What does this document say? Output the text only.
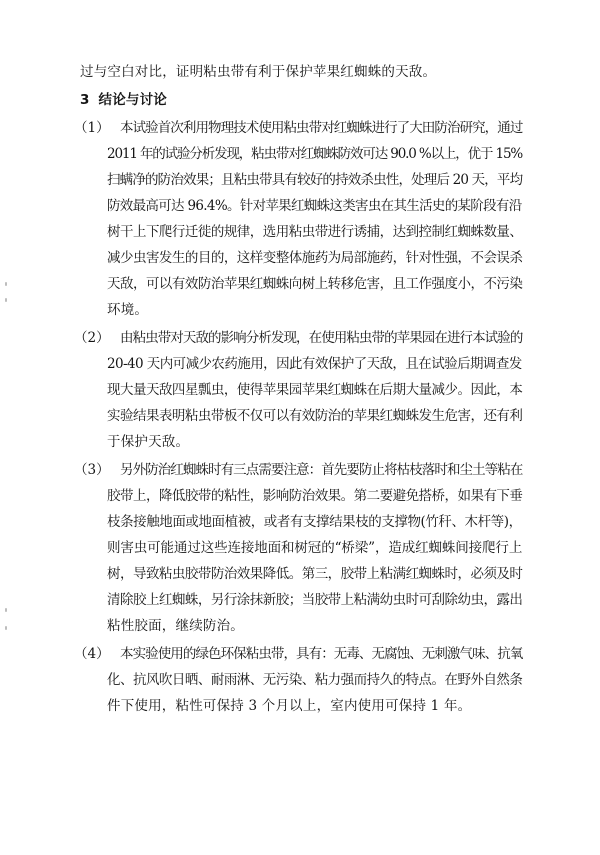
过与空白对比，证明粘虫带有利于保护苹果红蜘蛛的天敌。
3 结论与讨论
（1） 本试验首次利用物理技术使用粘虫带对红蜘蛛进行了大田防治研究，通过
2011 年的试验分析发现，粘虫带对红蜘蛛防效可达 90.0 %以上，优于 15%
扫螨净的防治效果；且粘虫带具有较好的持效杀虫性，处理后 20 天，平均
防效最高可达 96.4%。针对苹果红蜘蛛这类害虫在其生活史的某阶段有沿
树干上下爬行迁徙的规律，选用粘虫带进行诱捕，达到控制红蜘蛛数量、
减少虫害发生的目的，这样变整体施药为局部施药，针对性强，不会误杀
天敌，可以有效防治苹果红蜘蛛向树上转移危害，且工作强度小，不污染
环境。
（2） 由粘虫带对天敌的影响分析发现，在使用粘虫带的苹果园在进行本试验的
20-40 天内可减少农药施用，因此有效保护了天敌，且在试验后期调查发
现大量天敌四星瓢虫，使得苹果园苹果红蜘蛛在后期大量减少。因此，本
实验结果表明粘虫带板不仅可以有效防治的苹果红蜘蛛发生危害，还有利
于保护天敌。
（3） 另外防治红蜘蛛时有三点需要注意：首先要防止将枯枝落时和尘土等粘在
胶带上，降低胶带的粘性，影响防治效果。第二要避免搭桥，如果有下垂
枝条接触地面或地面植被，或者有支撑结果枝的支撑物(竹秆、木杆等)，
则害虫可能通过这些连接地面和树冠的“桥梁”，造成红蜘蛛间接爬行上
树，导致粘虫胶带防治效果降低。第三，胶带上粘满红蜘蛛时，必须及时
清除胶上红蜘蛛，另行涂抹新胶；当胶带上粘满幼虫时可刮除幼虫，露出
粘性胶面，继续防治。
（4） 本实验使用的绿色环保粘虫带，具有：无毒、无腐蚀、无刺激气味、抗氧
化、抗风吹日晒、耐雨淋、无污染、粘力强而持久的特点。在野外自然条
件下使用，粘性可保持 3 个月以上，室内使用可保持 1 年。
